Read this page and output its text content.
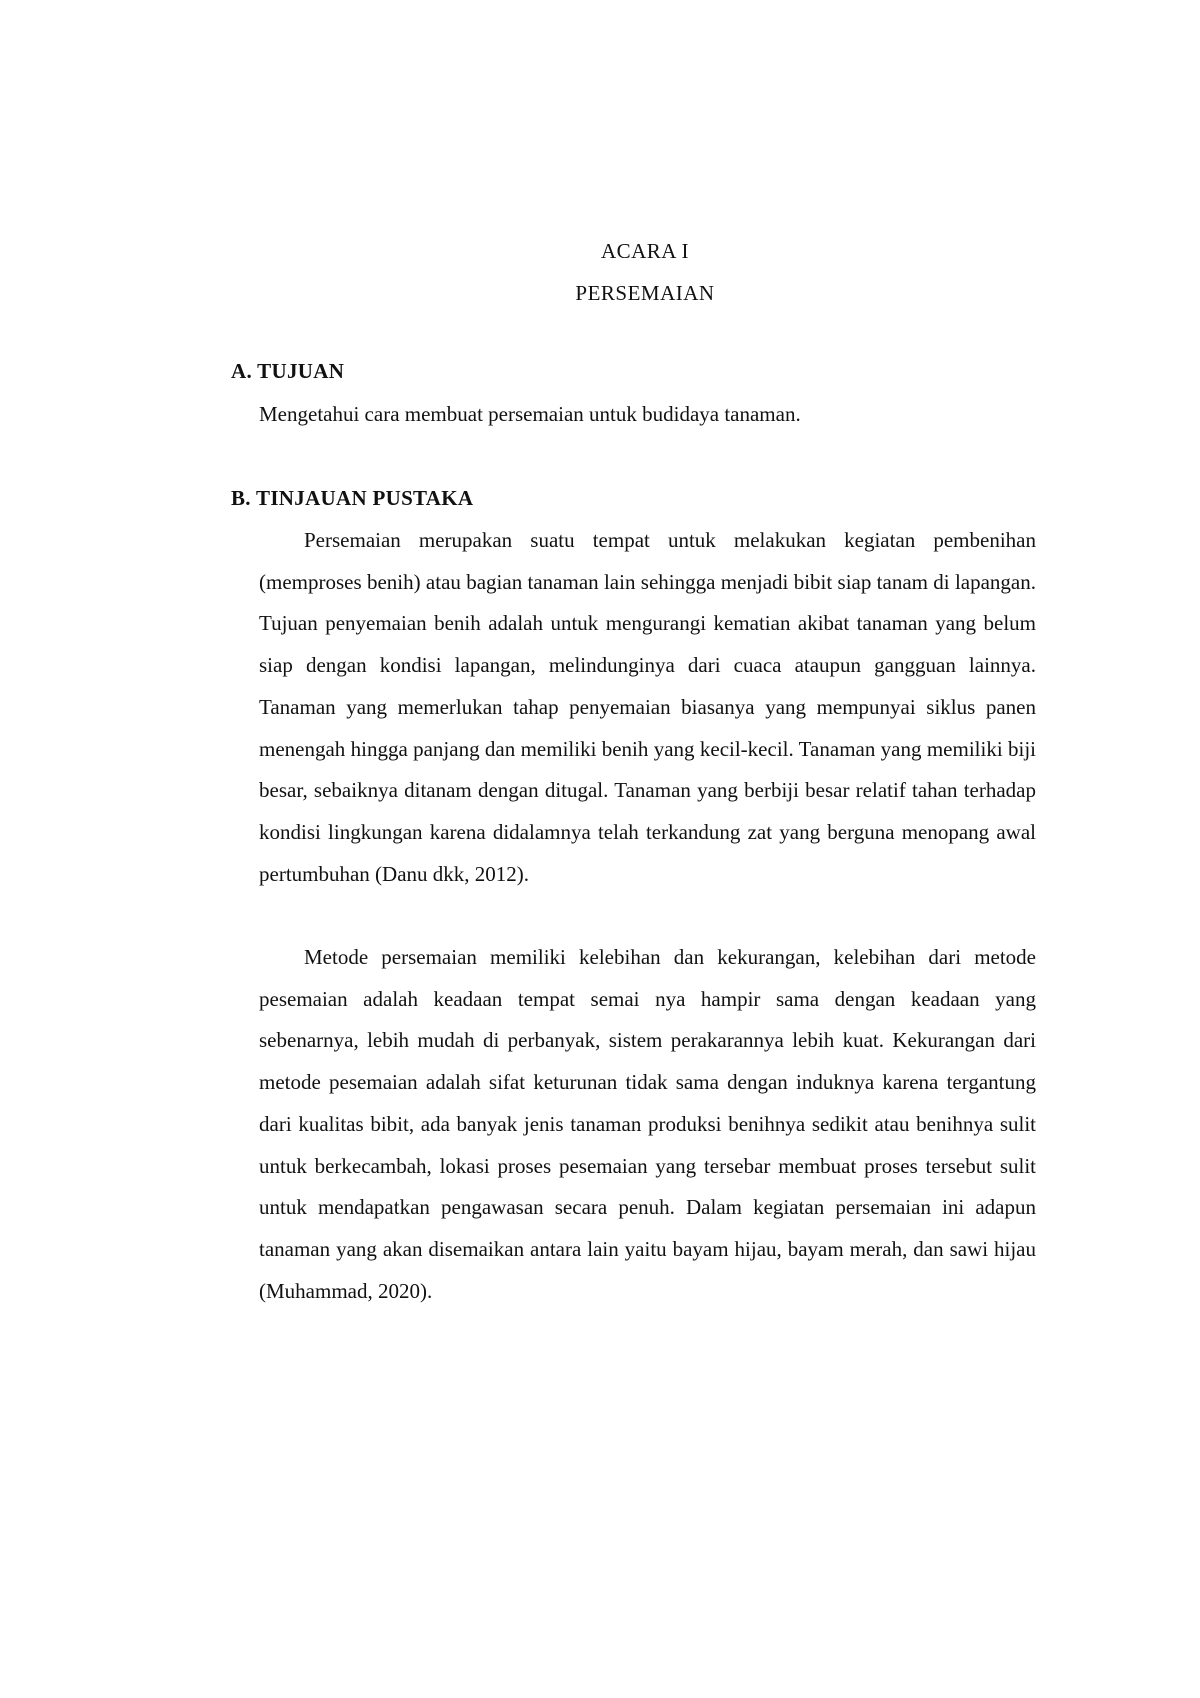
ACARA I
PERSEMAIAN
A. TUJUAN
Mengetahui cara membuat persemaian untuk budidaya tanaman.
B. TINJAUAN PUSTAKA

Persemaian merupakan suatu tempat untuk melakukan kegiatan pembenihan (memproses benih) atau bagian tanaman lain sehingga menjadi bibit siap tanam di lapangan. Tujuan penyemaian benih adalah untuk mengurangi kematian akibat tanaman yang belum siap dengan kondisi lapangan, melindunginya dari cuaca ataupun gangguan lainnya. Tanaman yang memerlukan tahap penyemaian biasanya yang mempunyai siklus panen menengah hingga panjang dan memiliki benih yang kecil-kecil. Tanaman yang memiliki biji besar, sebaiknya ditanam dengan ditugal. Tanaman yang berbiji besar relatif tahan terhadap kondisi lingkungan karena didalamnya telah terkandung zat yang berguna menopang awal pertumbuhan (Danu dkk, 2012).

Metode persemaian memiliki kelebihan dan kekurangan, kelebihan dari metode pesemaian adalah keadaan tempat semai nya hampir sama dengan keadaan yang sebenarnya, lebih mudah di perbanyak, sistem perakarannya lebih kuat. Kekurangan dari metode pesemaian adalah sifat keturunan tidak sama dengan induknya karena tergantung dari kualitas bibit, ada banyak jenis tanaman produksi benihnya sedikit atau benihnya sulit untuk berkecambah, lokasi proses pesemaian yang tersebar membuat proses tersebut sulit untuk mendapatkan pengawasan secara penuh. Dalam kegiatan persemaian ini adapun tanaman yang akan disemaikan antara lain yaitu bayam hijau, bayam merah, dan sawi hijau (Muhammad, 2020).
